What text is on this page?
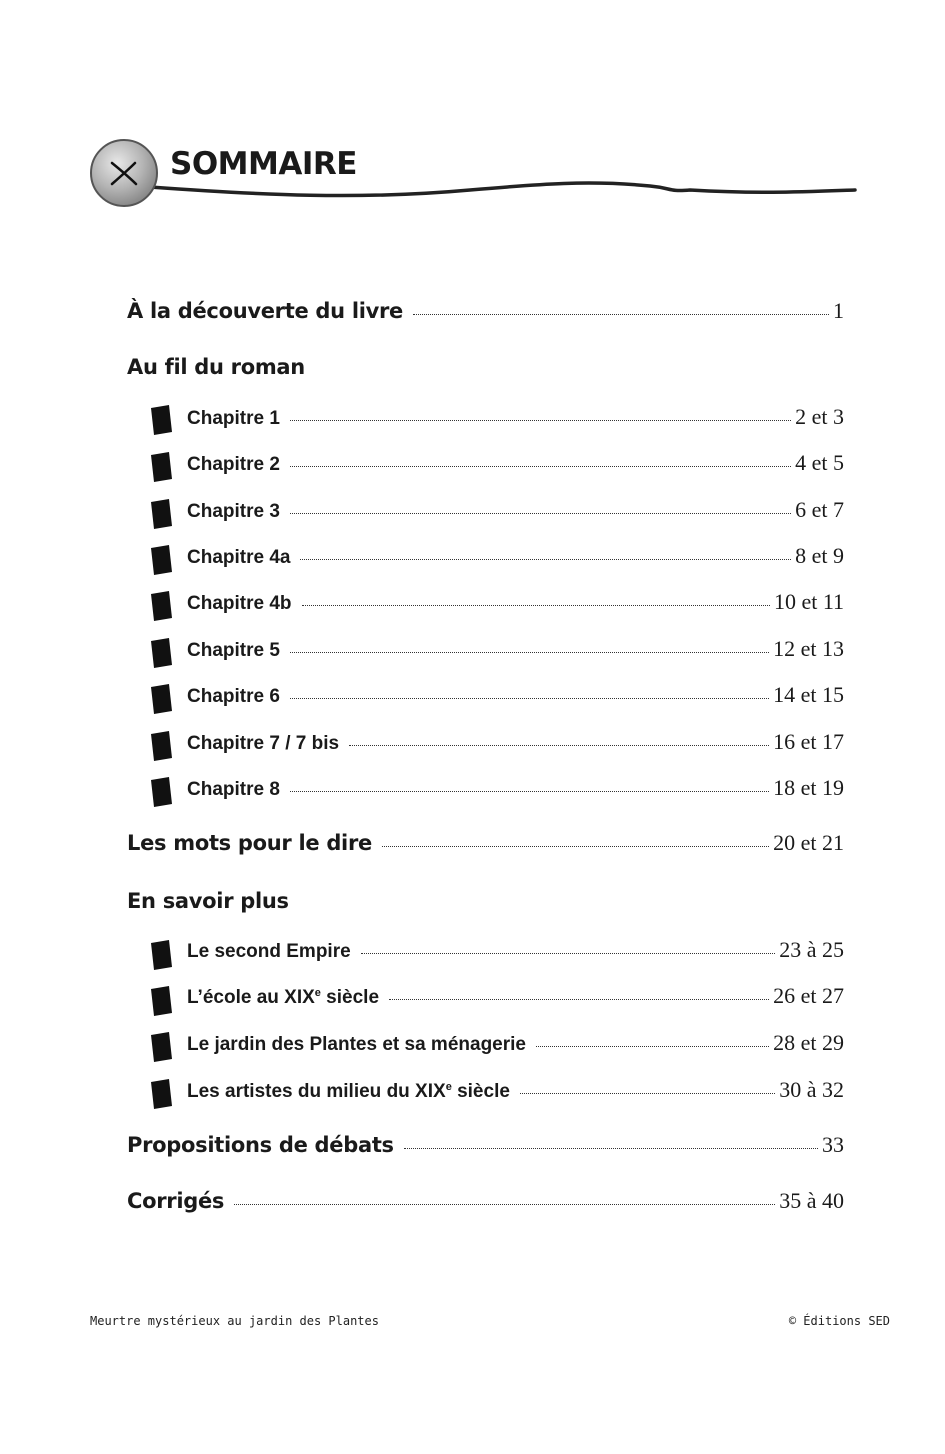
SOMMAIRE
À la découverte du livre	1
Au fil du roman
Chapitre 1	2 et 3
Chapitre 2	4 et 5
Chapitre 3	6 et 7
Chapitre 4a	8 et 9
Chapitre 4b	10 et 11
Chapitre 5	12 et 13
Chapitre 6	14 et 15
Chapitre 7 / 7 bis	16 et 17
Chapitre 8	18 et 19
Les mots pour le dire	20 et 21
En savoir plus
Le second Empire	23 à 25
L’école au XIXe siècle	26 et 27
Le jardin des Plantes et sa ménagerie	28 et 29
Les artistes du milieu du XIXe siècle	30 à 32
Propositions de débats	33
Corrigés	35 à 40
Meurtre mystérieux au jardin des Plantes	© Éditions SED
